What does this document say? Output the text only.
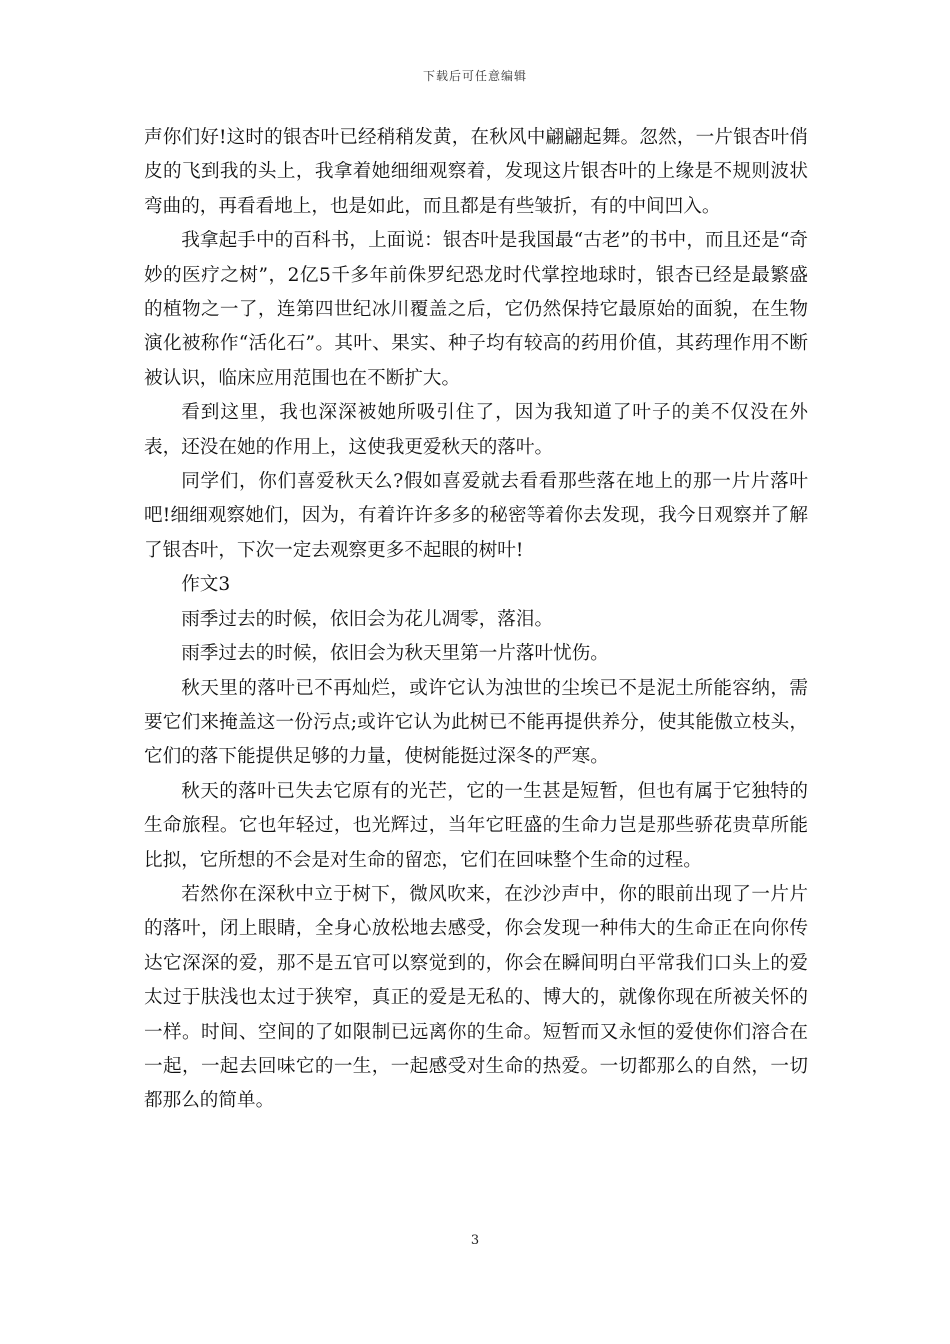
下载后可任意编辑

声你们好!这时的银杏叶已经稍稍发黄，在秋风中翩翩起舞。忽然，一片银杏叶俏皮的飞到我的头上，我拿着她细细观察着，发现这片银杏叶的上缘是不规则波状弯曲的，再看看地上，也是如此，而且都是有些皱折，有的中间凹入。

我拿起手中的百科书，上面说：银杏叶是我国最“古老”的书中，而且还是“奇妙的医疗之树”，2亿5千多年前侏罗纪恐龙时代掌控地球时，银杏已经是最繁盛的植物之一了，连第四世纪冰川覆盖之后，它仍然保持它最原始的面貌，在生物演化被称作“活化石”。其叶、果实、种子均有较高的药用价值，其药理作用不断被认识，临床应用范围也在不断扩大。

看到这里，我也深深被她所吸引住了，因为我知道了叶子的美不仅没在外表，还没在她的作用上，这使我更爱秋天的落叶。

同学们，你们喜爱秋天么?假如喜爱就去看看那些落在地上的那一片片落叶吧!细细观察她们，因为，有着许许多多的秘密等着你去发现，我今日观察并了解了银杏叶，下次一定去观察更多不起眼的树叶!

作文3

雨季过去的时候，依旧会为花儿凋零，落泪。

雨季过去的时候，依旧会为秋天里第一片落叶忧伤。

秋天里的落叶已不再灿烂，或许它认为浊世的尘埃已不是泥土所能容纳，需要它们来掩盖这一份污点;或许它认为此树已不能再提供养分，使其能傲立枝头，它们的落下能提供足够的力量，使树能挺过深冬的严寒。

秋天的落叶已失去它原有的光芒，它的一生甚是短暂，但也有属于它独特的生命旅程。它也年轻过，也光辉过，当年它旺盛的生命力岂是那些骄花贵草所能比拟，它所想的不会是对生命的留恋，它们在回味整个生命的过程。

若然你在深秋中立于树下，微风吹来，在沙沙声中，你的眼前出现了一片片的落叶，闭上眼睛，全身心放松地去感受，你会发现一种伟大的生命正在向你传达它深深的爱，那不是五官可以察觉到的，你会在瞬间明白平常我们口头上的爱太过于肤浅也太过于狭窄，真正的爱是无私的、博大的，就像你现在所被关怀的一样。时间、空间的了如限制已远离你的生命。短暂而又永恒的爱使你们溶合在一起，一起去回味它的一生，一起感受对生命的热爱。一切都那么的自然，一切都那么的简单。

3
